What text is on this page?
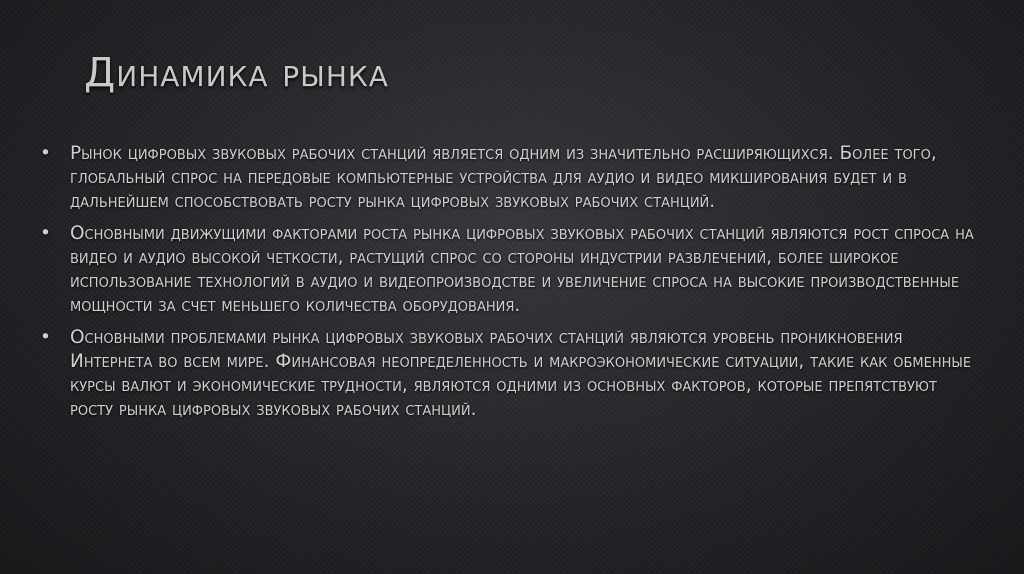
Динамика рынка
• Рынок цифровых звуковых рабочих станций является одним из значительно расширяющихся. Более того, глобальный спрос на передовые компьютерные устройства для аудио и видео микширования будет и в дальнейшем способствовать росту рынка цифровых звуковых рабочих станций.
• Основными движущими факторами роста рынка цифровых звуковых рабочих станций являются рост спроса на видео и аудио высокой четкости, растущий спрос со стороны индустрии развлечений, более широкое использование технологий в аудио и видеопроизводстве и увеличение спроса на высокие производственные мощности за счет меньшего количества оборудования.
• Основными проблемами рынка цифровых звуковых рабочих станций являются уровень проникновения Интернета во всем мире. Финансовая неопределенность и макроэкономические ситуации, такие как обменные курсы валют и экономические трудности, являются одними из основных факторов, которые препятствуют росту рынка цифровых звуковых рабочих станций.
